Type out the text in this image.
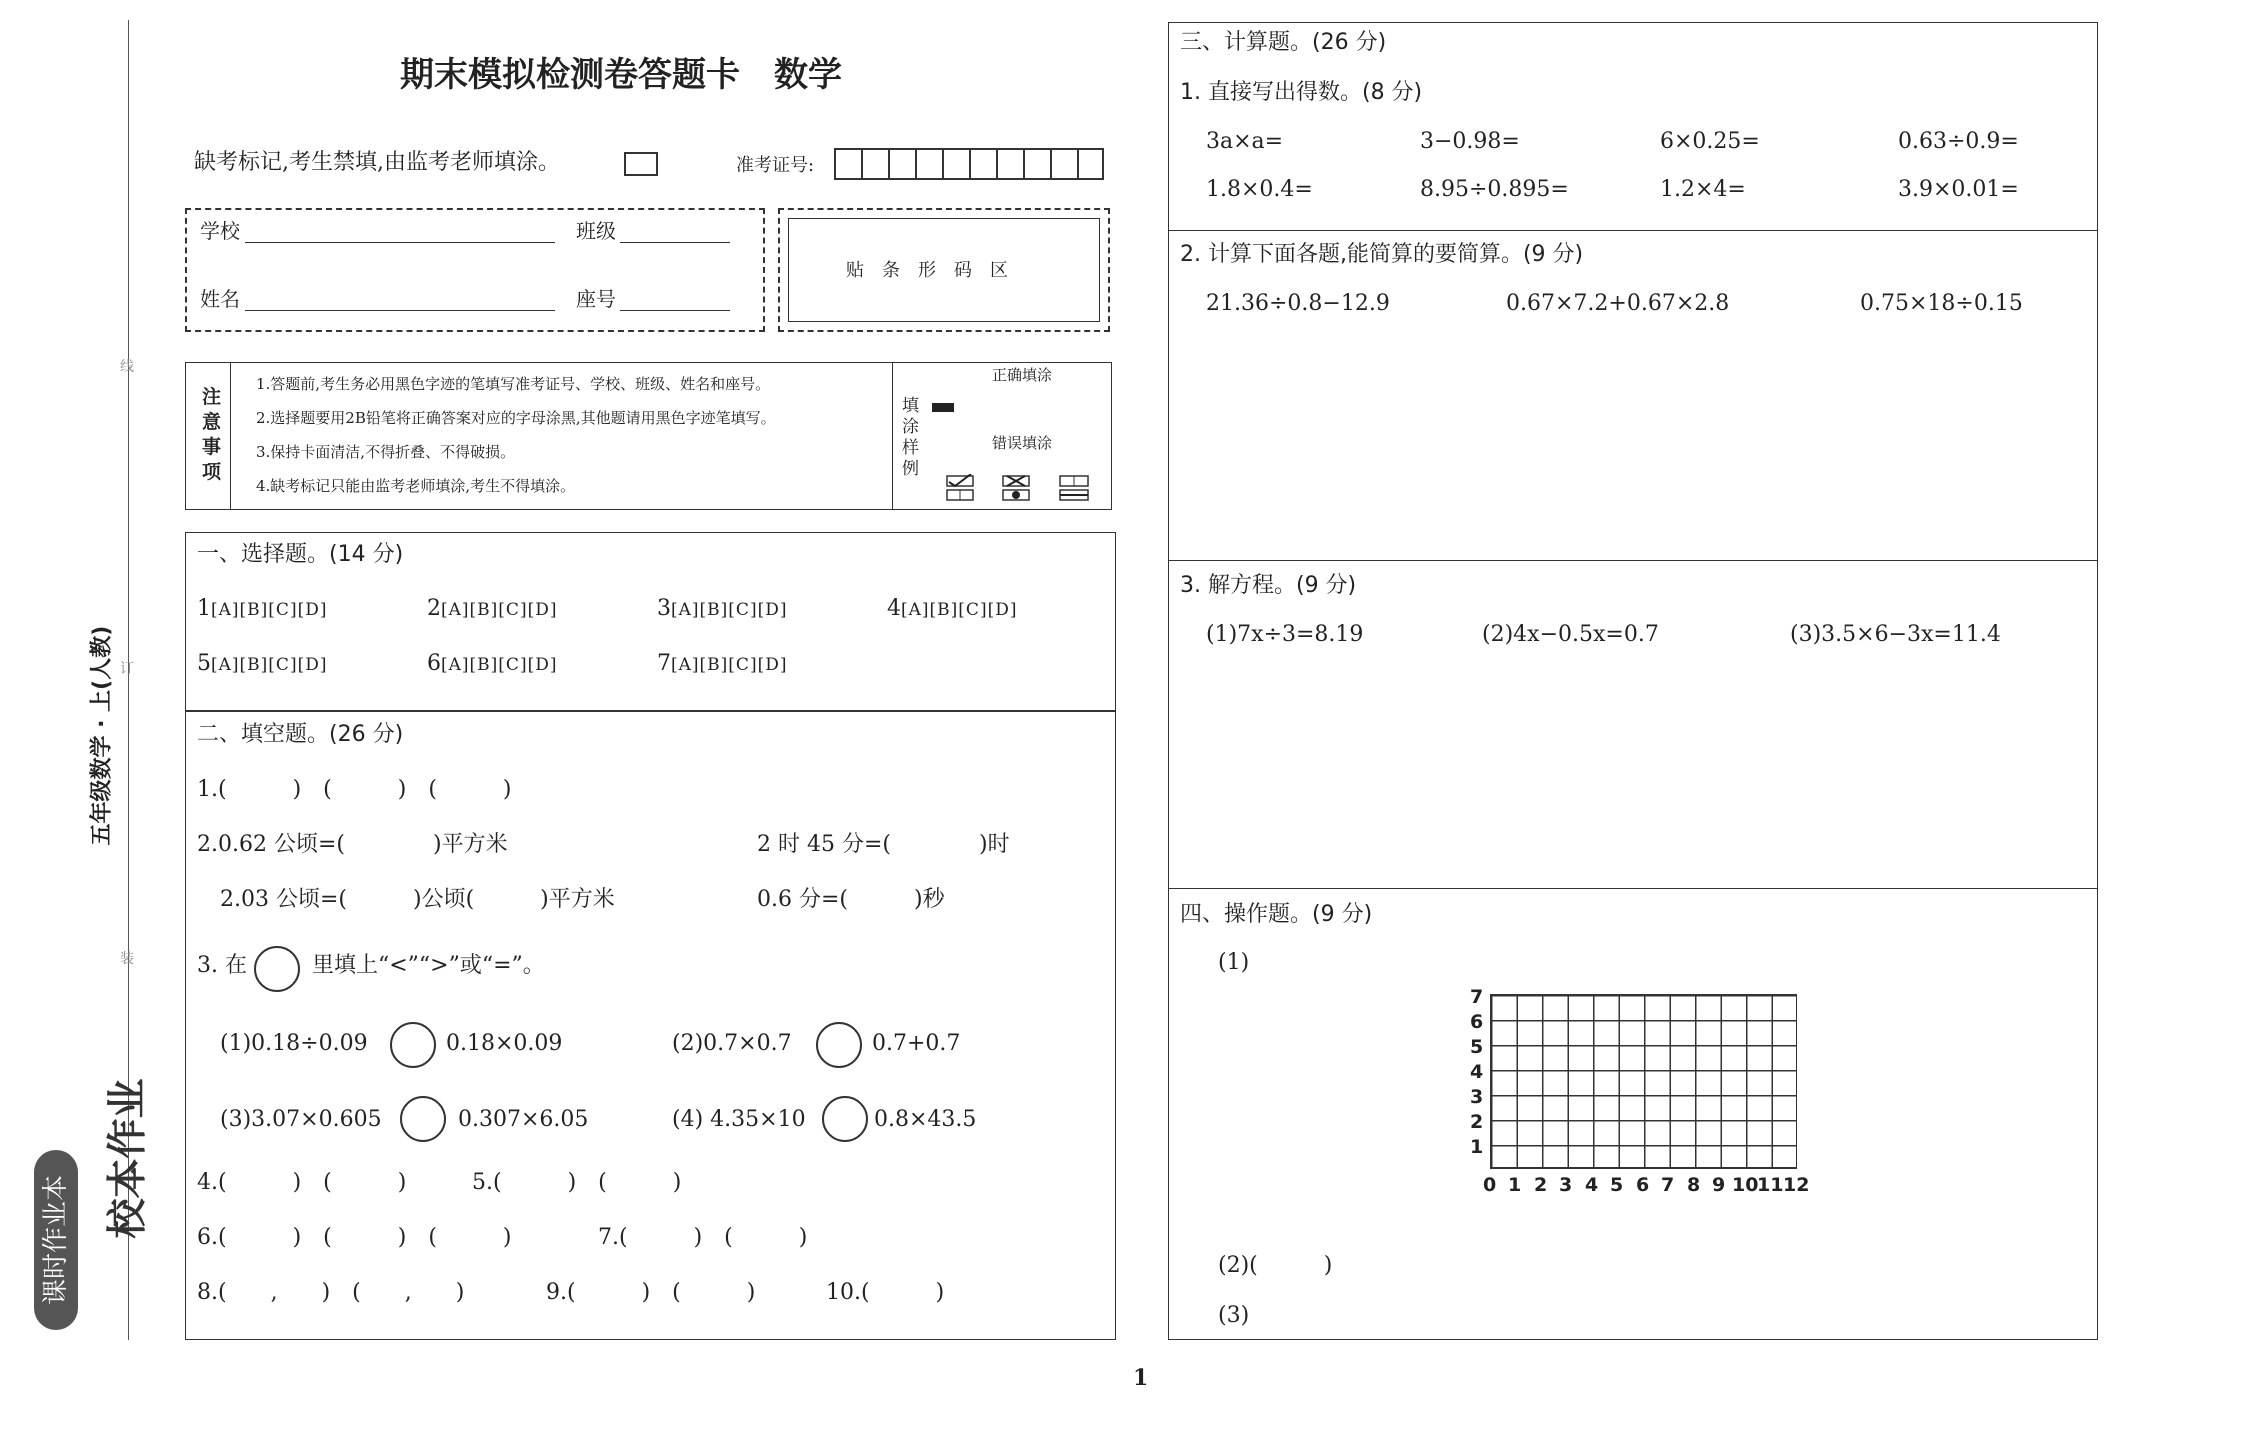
线
订
装
五年级数学 · 上(人教)
校本作业
课时作业本
期末模拟检测卷答题卡　数学
缺考标记,考生禁填,由监考老师填涂。	准考证号:
学校	班级
姓名	座号
贴　条　形　码　区
注
意
事
项
1.答题前,考生务必用黑色字迹的笔填写准考证号、学校、班级、姓名和座号。
2.选择题要用2B铅笔将正确答案对应的字母涂黑,其他题请用黑色字迹笔填写。
3.保持卡面清洁,不得折叠、不得破损。
4.缺考标记只能由监考老师填涂,考生不得填涂。
填
涂
样
例
正确填涂
错误填涂
一、选择题。(14 分)
1[A][B][C][D]	2[A][B][C][D]	3[A][B][C][D]	4[A][B][C][D]
5[A][B][C][D]	6[A][B][C][D]	7[A][B][C][D]
二、填空题。(26 分)
1.(　　　)　(　　　)　(　　　)
2.0.62 公顷=(　　　　)平方米	2 时 45 分=(　　　　)时
2.03 公顷=(　　　)公顷(　　　)平方米	0.6 分=(　　　)秒
3. 在	里填上“<”“>”或“=”。
(1)0.18÷0.09	0.18×0.09	(2)0.7×0.7	0.7+0.7
(3)3.07×0.605	0.307×6.05	(4) 4.35×10	0.8×43.5
4.(　　　)　(　　　)	5.(　　　)　(　　　)
6.(　　　)　(　　　)　(　　　)	7.(　　　)　(　　　)
8.(　　,　　)　(　　,　　)	9.(　　　)　(　　　)	10.(　　　)
三、计算题。(26 分)
1. 直接写出得数。(8 分)
3a×a=	3−0.98=	6×0.25=	0.63÷0.9=
1.8×0.4=	8.95÷0.895=	1.2×4=	3.9×0.01=
2. 计算下面各题,能简算的要简算。(9 分)
21.36÷0.8−12.9	0.67×7.2+0.67×2.8	0.75×18÷0.15
3. 解方程。(9 分)
(1)7x÷3=8.19	(2)4x−0.5x=0.7	(3)3.5×6−3x=11.4
四、操作题。(9 分)
(1)
7
6
5
4
3
2
1
0 1 2 3 4 5 6 7 8 9 10
11 12
(2)(　　　)
(3)
1
